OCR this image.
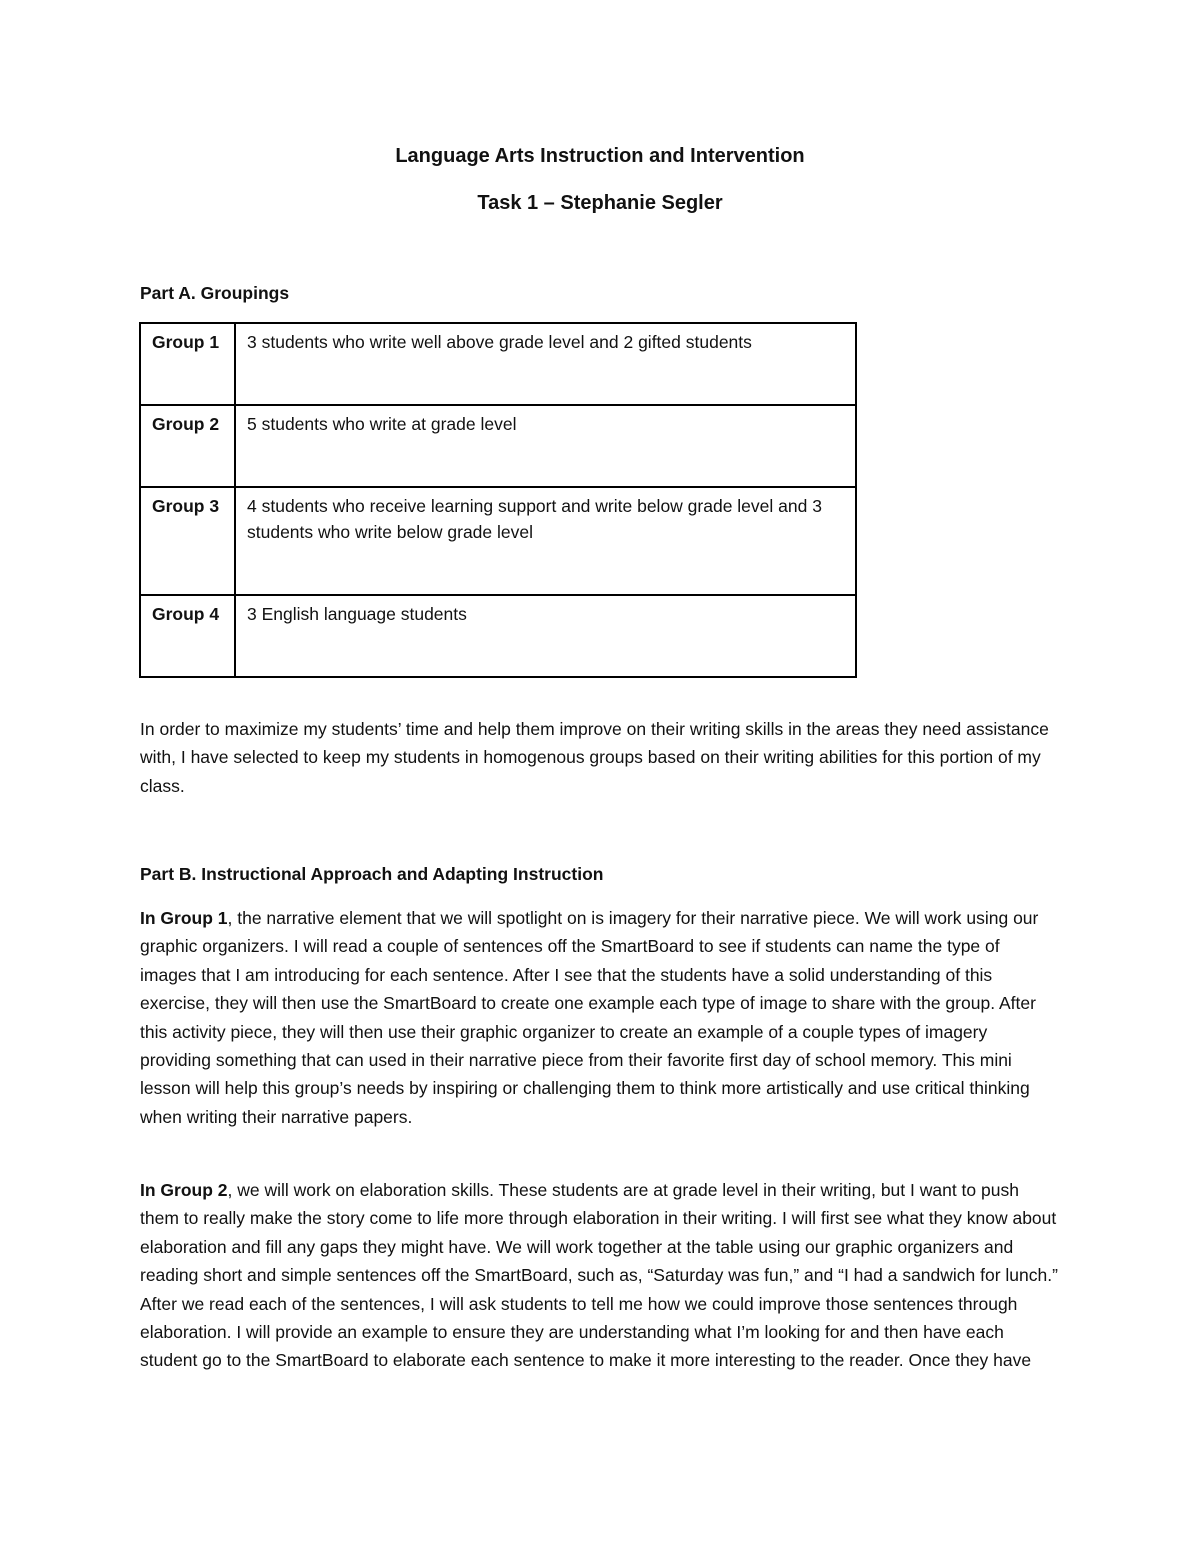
Language Arts Instruction and Intervention
Task 1 – Stephanie Segler
Part A. Groupings
Group 1	3 students who write well above grade level and 2 gifted students
Group 2	5 students who write at grade level
Group 3	4 students who receive learning support and write below grade level and 3 students who write below grade level
Group 4	3 English language students

In order to maximize my students’ time and help them improve on their writing skills in the areas they need assistance with, I have selected to keep my students in homogenous groups based on their writing abilities for this portion of my class.

Part B. Instructional Approach and Adapting Instruction

In Group 1, the narrative element that we will spotlight on is imagery for their narrative piece. We will work using our graphic organizers. I will read a couple of sentences off the SmartBoard to see if students can name the type of images that I am introducing for each sentence. After I see that the students have a solid understanding of this exercise, they will then use the SmartBoard to create one example each type of image to share with the group. After this activity piece, they will then use their graphic organizer to create an example of a couple types of imagery providing something that can used in their narrative piece from their favorite first day of school memory. This mini lesson will help this group’s needs by inspiring or challenging them to think more artistically and use critical thinking when writing their narrative papers.

In Group 2, we will work on elaboration skills. These students are at grade level in their writing, but I want to push them to really make the story come to life more through elaboration in their writing. I will first see what they know about elaboration and fill any gaps they might have. We will work together at the table using our graphic organizers and reading short and simple sentences off the SmartBoard, such as, “Saturday was fun,” and “I had a sandwich for lunch.” After we read each of the sentences, I will ask students to tell me how we could improve those sentences through elaboration. I will provide an example to ensure they are understanding what I’m looking for and then have each student go to the SmartBoard to elaborate each sentence to make it more interesting to the reader. Once they have
